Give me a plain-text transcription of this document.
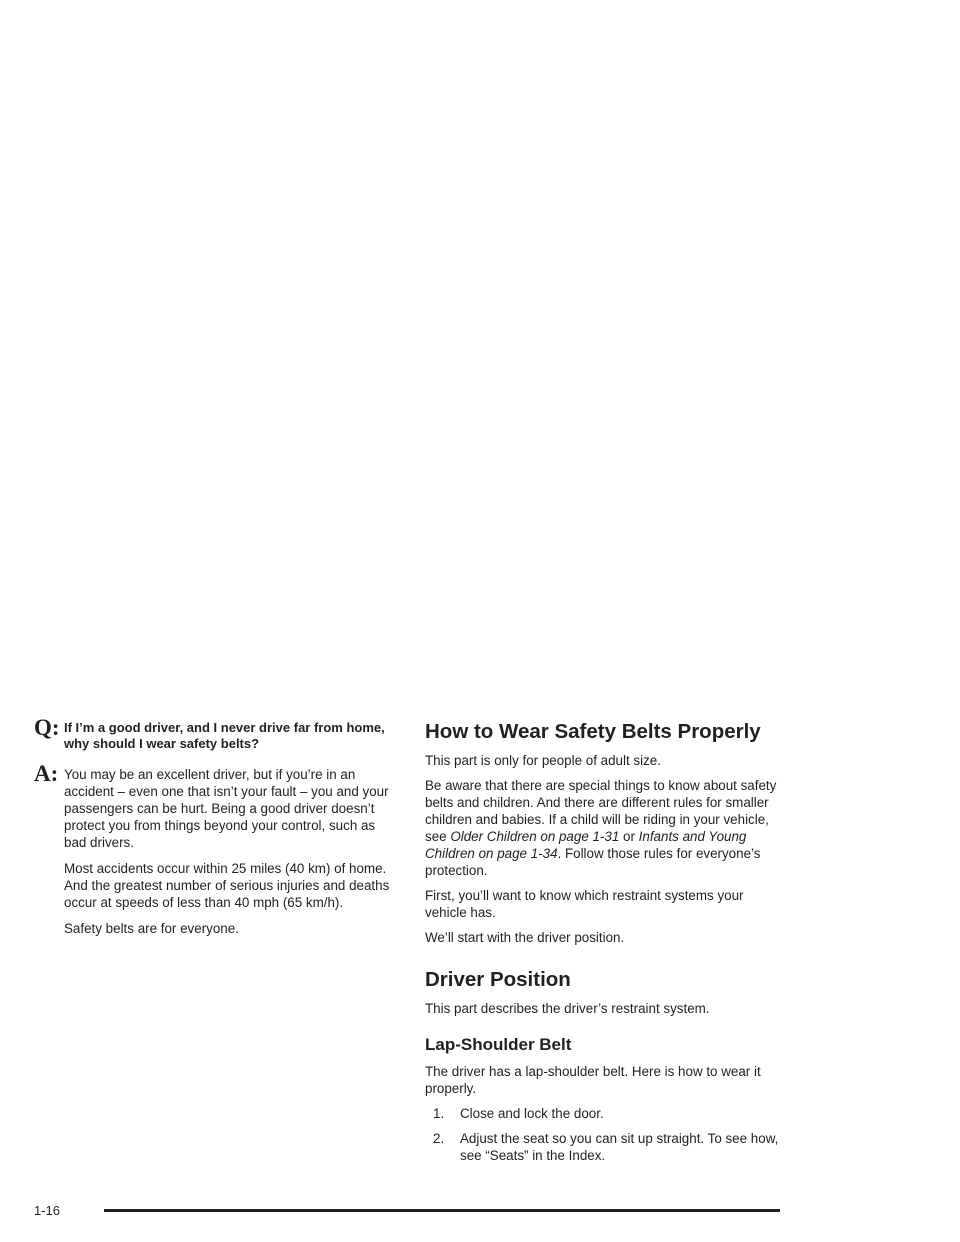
Q: If I’m a good driver, and I never drive far from home, why should I wear safety belts?

A: You may be an excellent driver, but if you’re in an accident – even one that isn’t your fault – you and your passengers can be hurt. Being a good driver doesn’t protect you from things beyond your control, such as bad drivers.

Most accidents occur within 25 miles (40 km) of home. And the greatest number of serious injuries and deaths occur at speeds of less than 40 mph (65 km/h).

Safety belts are for everyone.

How to Wear Safety Belts Properly

This part is only for people of adult size.

Be aware that there are special things to know about safety belts and children. And there are different rules for smaller children and babies. If a child will be riding in your vehicle, see Older Children on page 1-31 or Infants and Young Children on page 1-34. Follow those rules for everyone’s protection.

First, you’ll want to know which restraint systems your vehicle has.

We’ll start with the driver position.

Driver Position

This part describes the driver’s restraint system.

Lap-Shoulder Belt

The driver has a lap-shoulder belt. Here is how to wear it properly.

1. Close and lock the door.
2. Adjust the seat so you can sit up straight. To see how, see “Seats” in the Index.
1-16
